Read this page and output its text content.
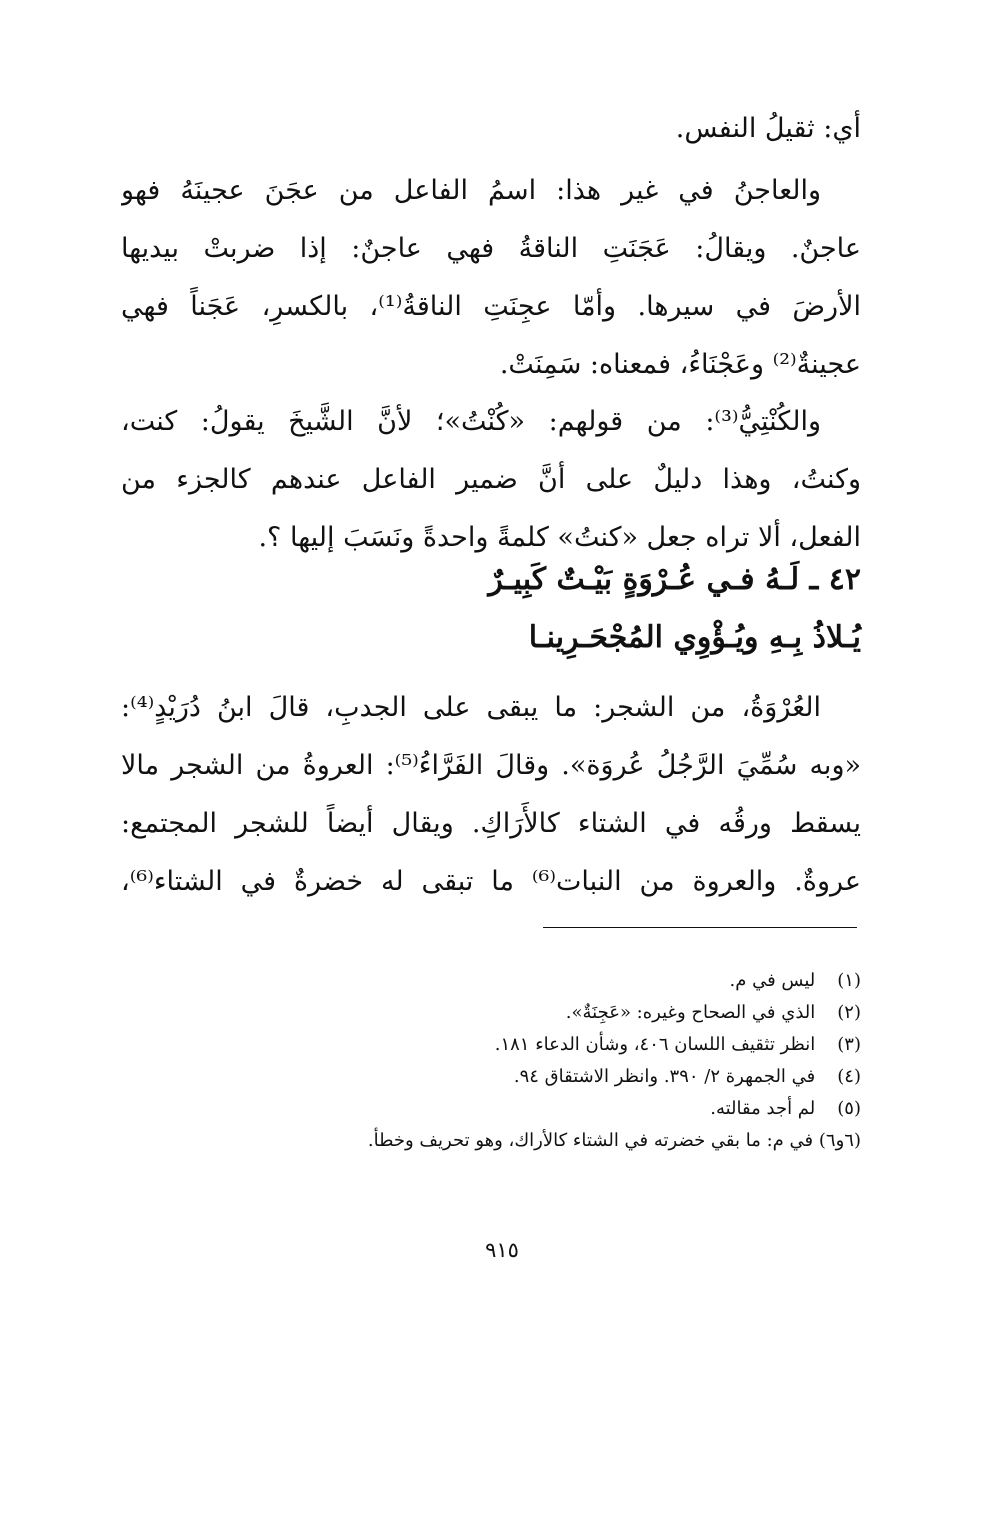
أي: ثقيلُ النفس.
والعاجنُ في غير هذا: اسمُ الفاعل من عجَنَ عجينَهُ فهو
عاجنٌ. ويقالُ: عَجَنَتِ الناقةُ فهي عاجنٌ: إذا ضربتْ بيديها
الأرضَ في سيرها. وأمّا عجِنَتِ الناقةُ⁽¹⁾، بالكسرِ، عَجَناً فهي
عجينةٌ⁽²⁾ وعَجْنَاءُ، فمعناه: سَمِنَتْ.
والكُنْتِيُّ⁽³⁾: من قولهم: «كُنْتُ»؛ لأنَّ الشَّيخَ يقولُ: كنت،
وكنتُ، وهذا دليلٌ على أنَّ ضمير الفاعل عندهم كالجزء من
الفعل، ألا تراه جعل «كنتُ» كلمةً واحدةً ونَسَبَ إليها ؟.
٤٢ ـ لَـهُ فـي عُـرْوَةٍ بَيْـتٌ كَبِيـرٌ
يُـلاذُ بِـهِ ويُـؤْوِي المُجْحَـرِينـا
العُرْوَةُ، من الشجر: ما يبقى على الجدبِ، قالَ ابنُ دُرَيْدٍ⁽⁴⁾:
«وبه سُمِّيَ الرَّجُلُ عُروَة». وقالَ الفَرَّاءُ⁽⁵⁾: العروةُ من الشجر مالا
يسقط ورقُه في الشتاء كالأَرَاكِ. ويقال أيضاً للشجر المجتمع:
عروةٌ. والعروة من النبات⁽⁶⁾ ما تبقى له خضرةٌ في الشتاء⁽⁶⁾،
(١) ليس في م.
(٢) الذي في الصحاح وغيره: «عَجِنَةٌ».
(٣) انظر تثقيف اللسان ٤٠٦، وشأن الدعاء ١٨١.
(٤) في الجمهرة ٢/ ٣٩٠. وانظر الاشتقاق ٩٤.
(٥) لم أجد مقالته.
(٦و٦) في م: ما بقي خضرته في الشتاء كالأراك، وهو تحريف وخطأ.
٩١٥
